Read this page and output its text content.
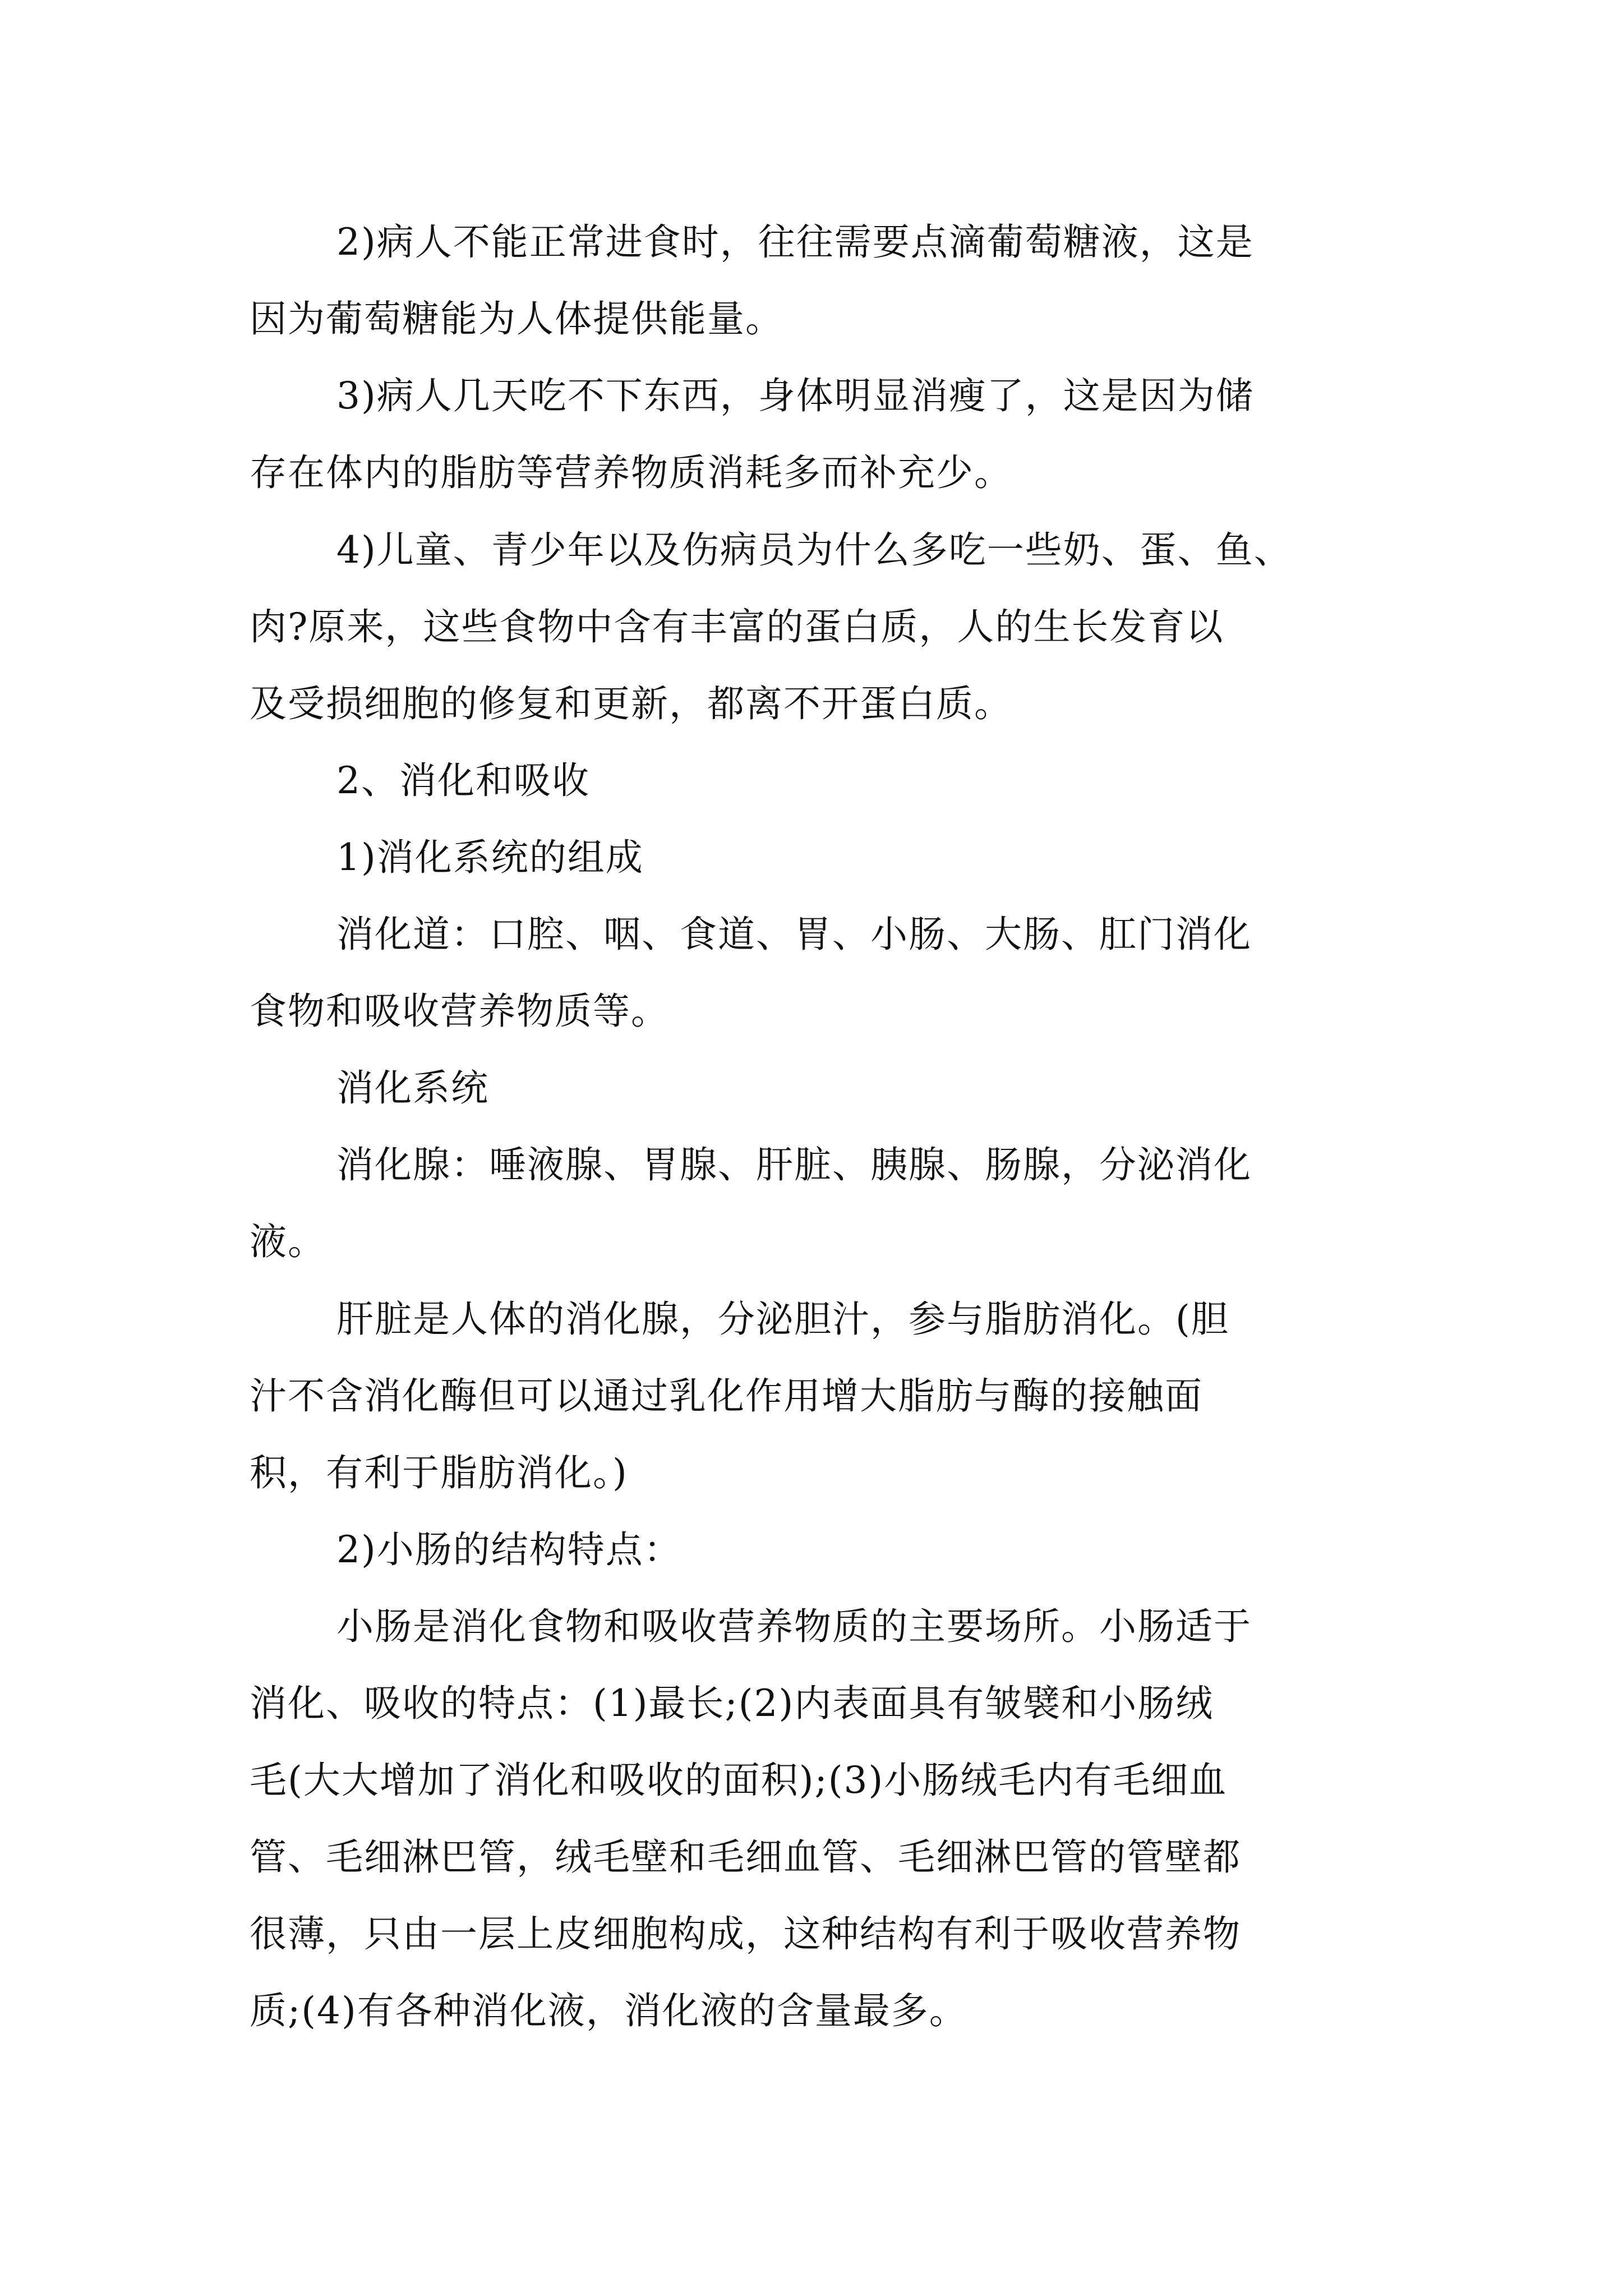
2)病人不能正常进食时，往往需要点滴葡萄糖液，这是

因为葡萄糖能为人体提供能量。

3)病人几天吃不下东西，身体明显消瘦了，这是因为储

存在体内的脂肪等营养物质消耗多而补充少。

4)儿童、青少年以及伤病员为什么多吃一些奶、蛋、鱼、

肉?原来，这些食物中含有丰富的蛋白质，人的生长发育以

及受损细胞的修复和更新，都离不开蛋白质。

2、消化和吸收

1)消化系统的组成

消化道：口腔、咽、食道、胃、小肠、大肠、肛门消化

食物和吸收营养物质等。

消化系统

消化腺：唾液腺、胃腺、肝脏、胰腺、肠腺，分泌消化

液。

肝脏是人体的消化腺，分泌胆汁，参与脂肪消化。(胆

汁不含消化酶但可以通过乳化作用增大脂肪与酶的接触面

积，有利于脂肪消化。)

2)小肠的结构特点：

小肠是消化食物和吸收营养物质的主要场所。小肠适于

消化、吸收的特点：(1)最长;(2)内表面具有皱襞和小肠绒

毛(大大增加了消化和吸收的面积);(3)小肠绒毛内有毛细血

管、毛细淋巴管，绒毛壁和毛细血管、毛细淋巴管的管壁都

很薄，只由一层上皮细胞构成，这种结构有利于吸收营养物

质;(4)有各种消化液，消化液的含量最多。
